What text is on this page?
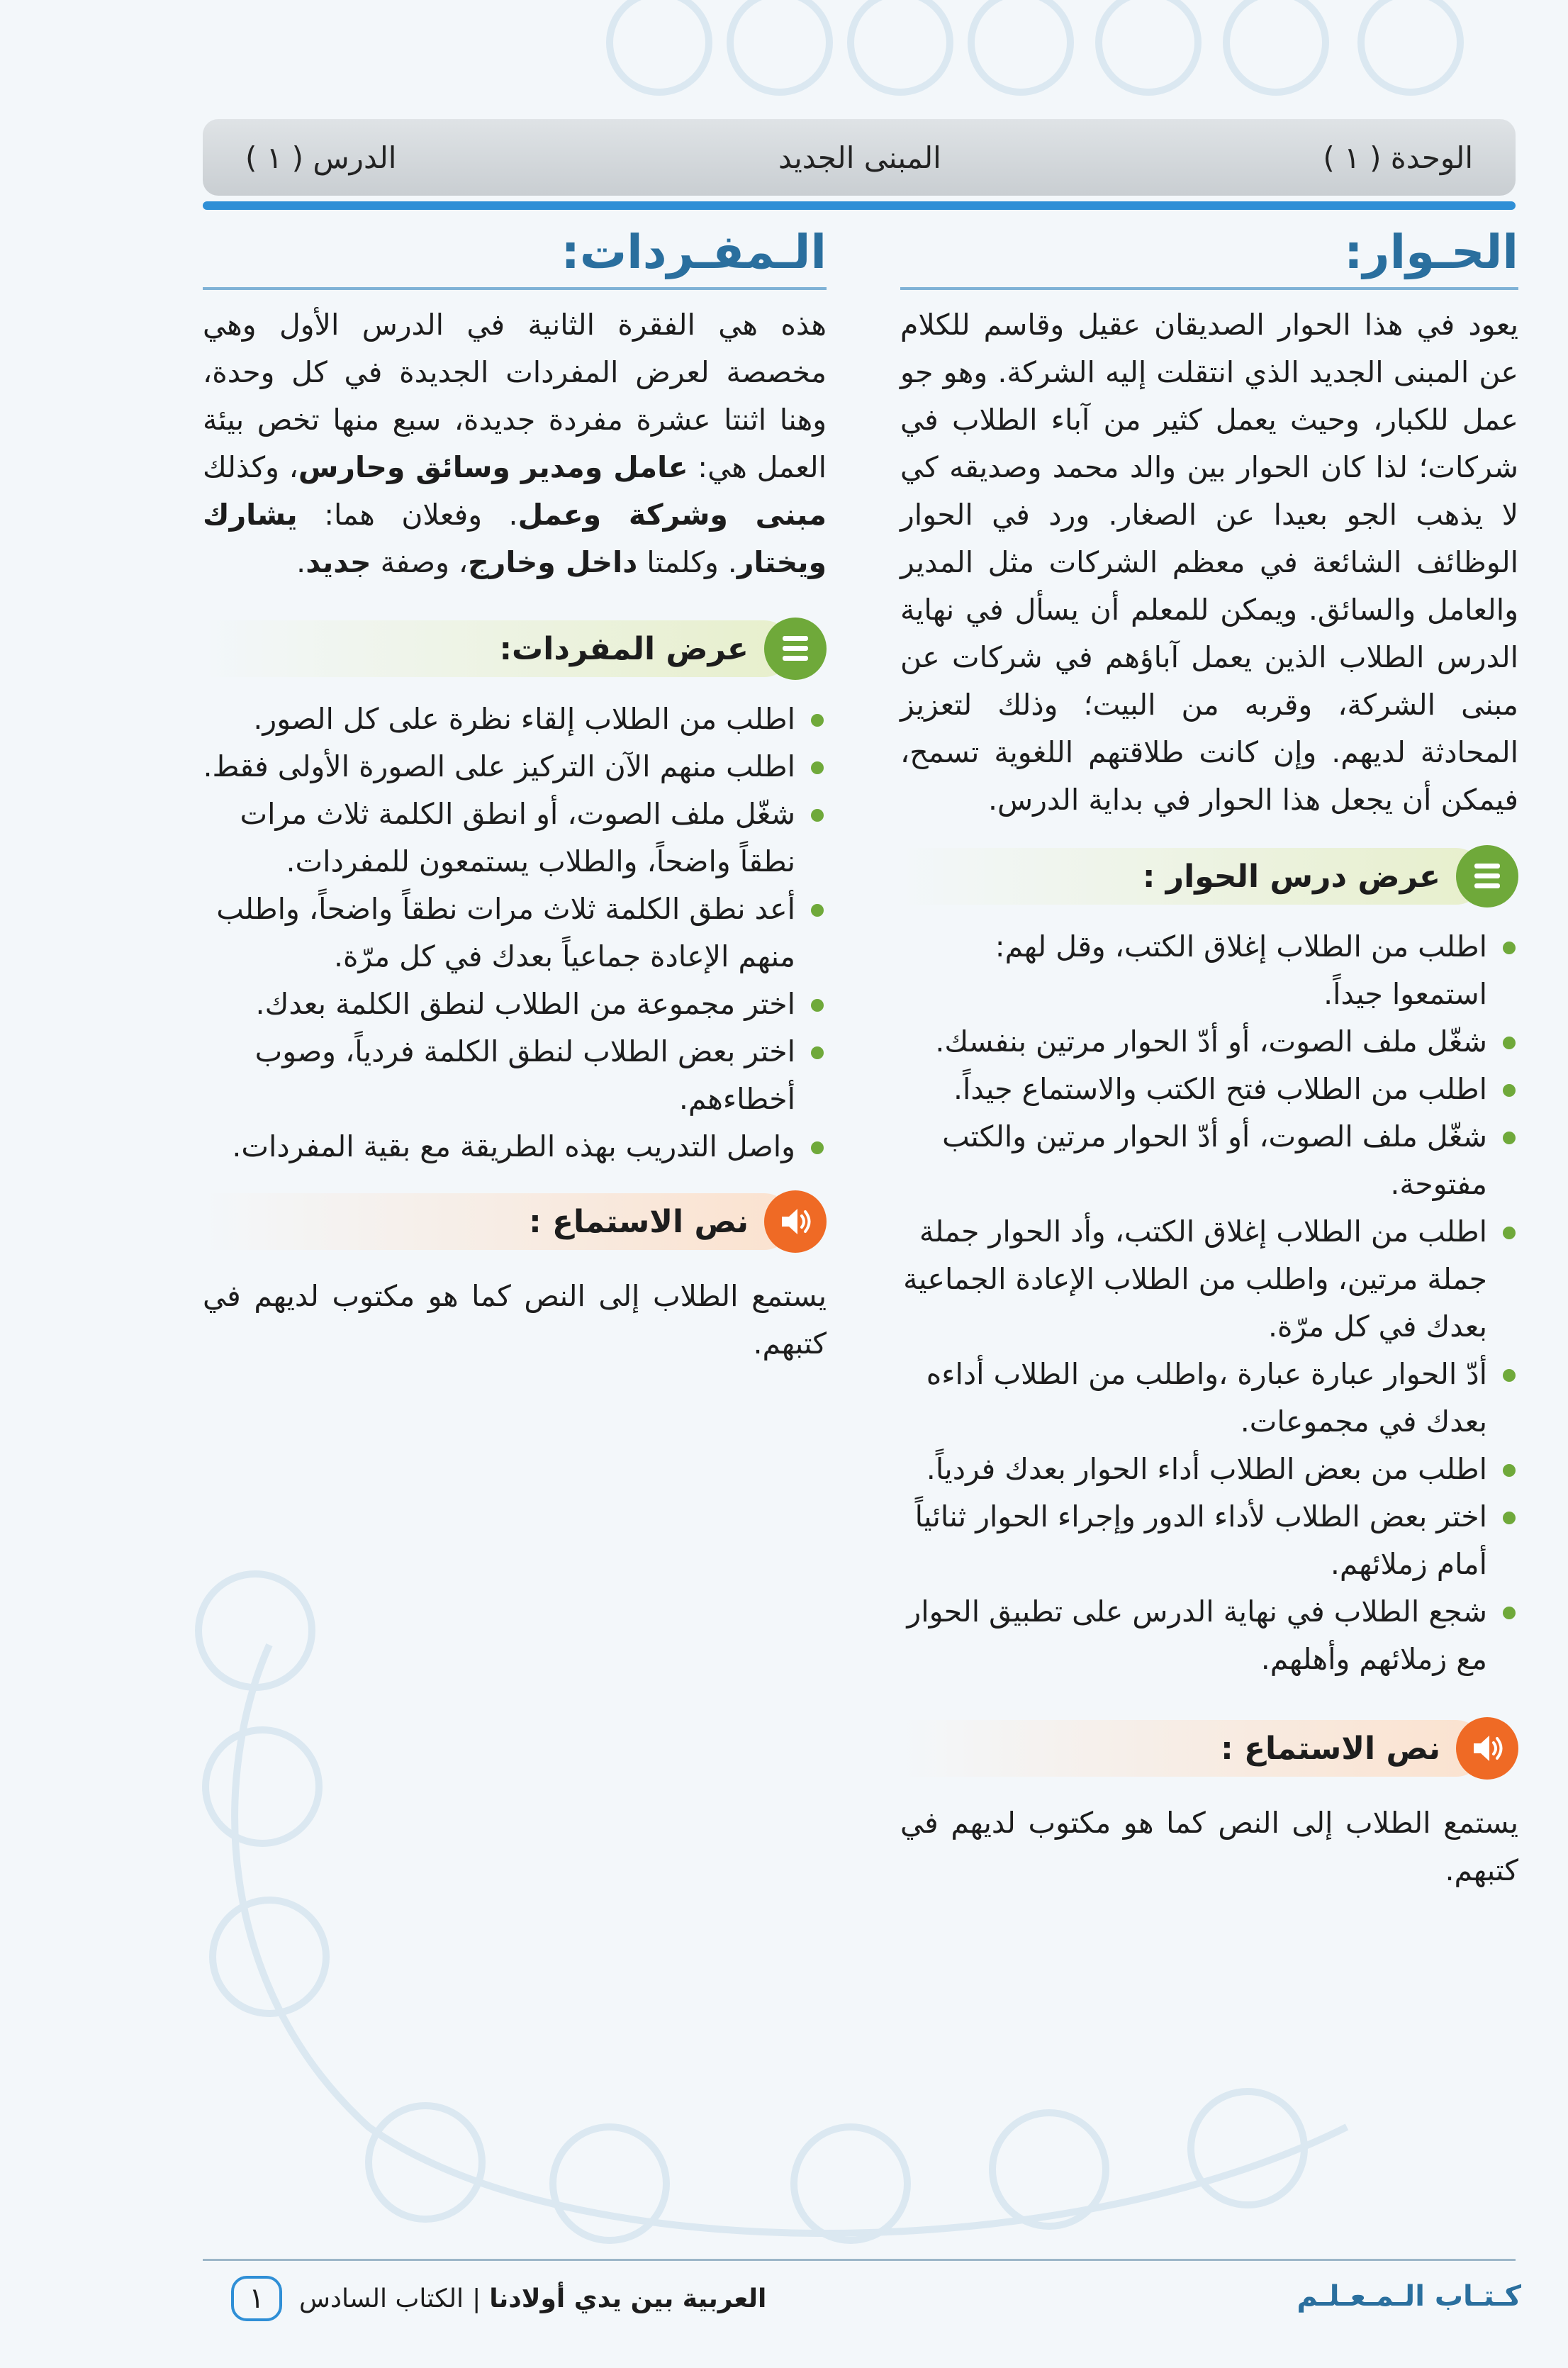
الدرس ( ١ )	المبنى الجديد	الوحدة ( ١ )
الحـوار:

يعود في هذا الحوار الصديقان عقيل وقاسم للكلام عن المبنى الجديد الذي انتقلت إليه الشركة. وهو جو عمل للكبار، وحيث يعمل كثير من آباء الطلاب في شركات؛ لذا كان الحوار بين والد محمد وصديقه كي لا يذهب الجو بعيدا عن الصغار. ورد في الحوار الوظائف الشائعة في معظم الشركات مثل المدير والعامل والسائق. ويمكن للمعلم أن يسأل في نهاية الدرس الطلاب الذين يعمل آباؤهم في شركات عن مبنى الشركة، وقربه من البيت؛ وذلك لتعزيز المحادثة لديهم. وإن كانت طلاقتهم اللغوية تسمح، فيمكن أن يجعل هذا الحوار في بداية الدرس.

عرض درس الحوار :
اطلب من الطلاب إغلاق الكتب، وقل لهم: استمعوا جيداً.
شغّل ملف الصوت، أو أدّ الحوار مرتين بنفسك.
اطلب من الطلاب فتح الكتب والاستماع جيداً.
شغّل ملف الصوت، أو أدّ الحوار مرتين والكتب مفتوحة.
اطلب من الطلاب إغلاق الكتب، وأد الحوار جملة جملة مرتين، واطلب من الطلاب الإعادة الجماعية بعدك في كل مرّة.
أدّ الحوار عبارة عبارة ،واطلب من الطلاب أداءه بعدك في مجموعات.
اطلب من بعض الطلاب أداء الحوار بعدك فردياً.
اختر بعض الطلاب لأداء الدور وإجراء الحوار ثنائياً أمام زملائهم.
شجع الطلاب في نهاية الدرس على تطبيق الحوار مع زملائهم وأهلهم.
نص الاستماع :

يستمع الطلاب إلى النص كما هو مكتوب لديهم في كتبهم.

الـمفـردات:

هذه هي الفقرة الثانية في الدرس الأول وهي مخصصة لعرض المفردات الجديدة في كل وحدة، وهنا اثنتا عشرة مفردة جديدة، سبع منها تخص بيئة العمل هي: عامل ومدير وسائق وحارس، وكذلك مبنى وشركة وعمل. وفعلان هما: يشارك ويختار. وكلمتا داخل وخارج، وصفة جديد.

عرض المفردات:
اطلب من الطلاب إلقاء نظرة على كل الصور.
اطلب منهم الآن التركيز على الصورة الأولى فقط.
شغّل ملف الصوت، أو انطق الكلمة ثلاث مرات نطقاً واضحاً، والطلاب يستمعون للمفردات.
أعد نطق الكلمة ثلاث مرات نطقاً واضحاً، واطلب منهم الإعادة جماعياً بعدك في كل مرّة.
اختر مجموعة من الطلاب لنطق الكلمة بعدك.
اختر بعض الطلاب لنطق الكلمة فردياً، وصوب أخطاءهم.
واصل التدريب بهذه الطريقة مع بقية المفردات.
نص الاستماع :

يستمع الطلاب إلى النص كما هو مكتوب لديهم في كتبهم.

العربية بين يدي أولادنا
|
الكتاب السادس
١	كـتـاب الـمـعـلـم
